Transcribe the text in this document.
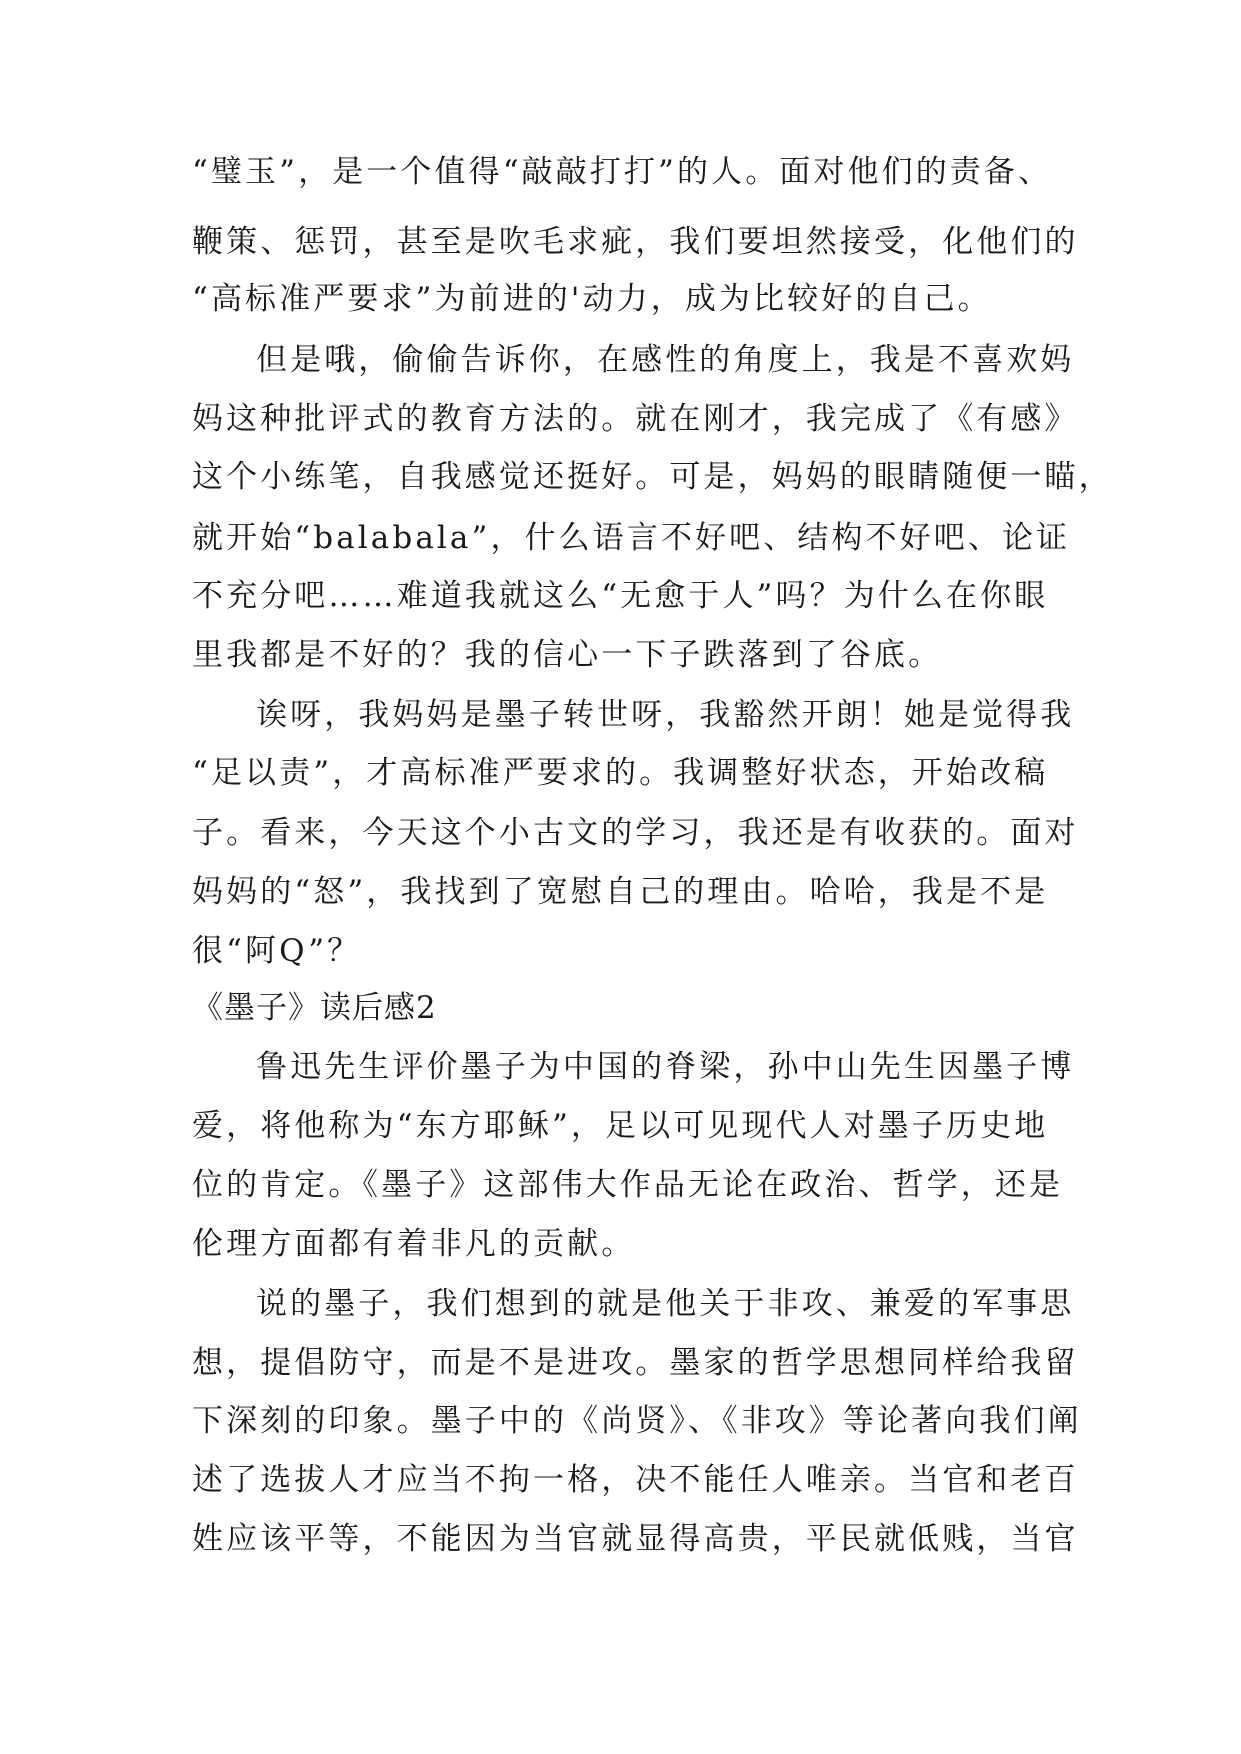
“璧玉”，是一个值得“敲敲打打”的人。面对他们的责备、
鞭策、惩罚，甚至是吹毛求疵，我们要坦然接受，化他们的
“高标准严要求”为前进的'动力，成为比较好的自己。
但是哦，偷偷告诉你，在感性的角度上，我是不喜欢妈
妈这种批评式的教育方法的。就在刚才，我完成了《有感》
这个小练笔，自我感觉还挺好。可是，妈妈的眼睛随便一瞄，
就开始“balabala”，什么语言不好吧、结构不好吧、论证
不充分吧……难道我就这么“无愈于人”吗？为什么在你眼
里我都是不好的？我的信心一下子跌落到了谷底。
诶呀，我妈妈是墨子转世呀，我豁然开朗！她是觉得我
“足以责”，才高标准严要求的。我调整好状态，开始改稿
子。看来，今天这个小古文的学习，我还是有收获的。面对
妈妈的“怒”，我找到了宽慰自己的理由。哈哈，我是不是
很“阿Q”？
《墨子》读后感2
鲁迅先生评价墨子为中国的脊梁，孙中山先生因墨子博
爱，将他称为“东方耶稣”，足以可见现代人对墨子历史地
位的肯定。《墨子》这部伟大作品无论在政治、哲学，还是
伦理方面都有着非凡的贡献。
说的墨子，我们想到的就是他关于非攻、兼爱的军事思
想，提倡防守，而是不是进攻。墨家的哲学思想同样给我留
下深刻的印象。墨子中的《尚贤》、《非攻》等论著向我们阐
述了选拔人才应当不拘一格，决不能任人唯亲。当官和老百
姓应该平等，不能因为当官就显得高贵，平民就低贱，当官
